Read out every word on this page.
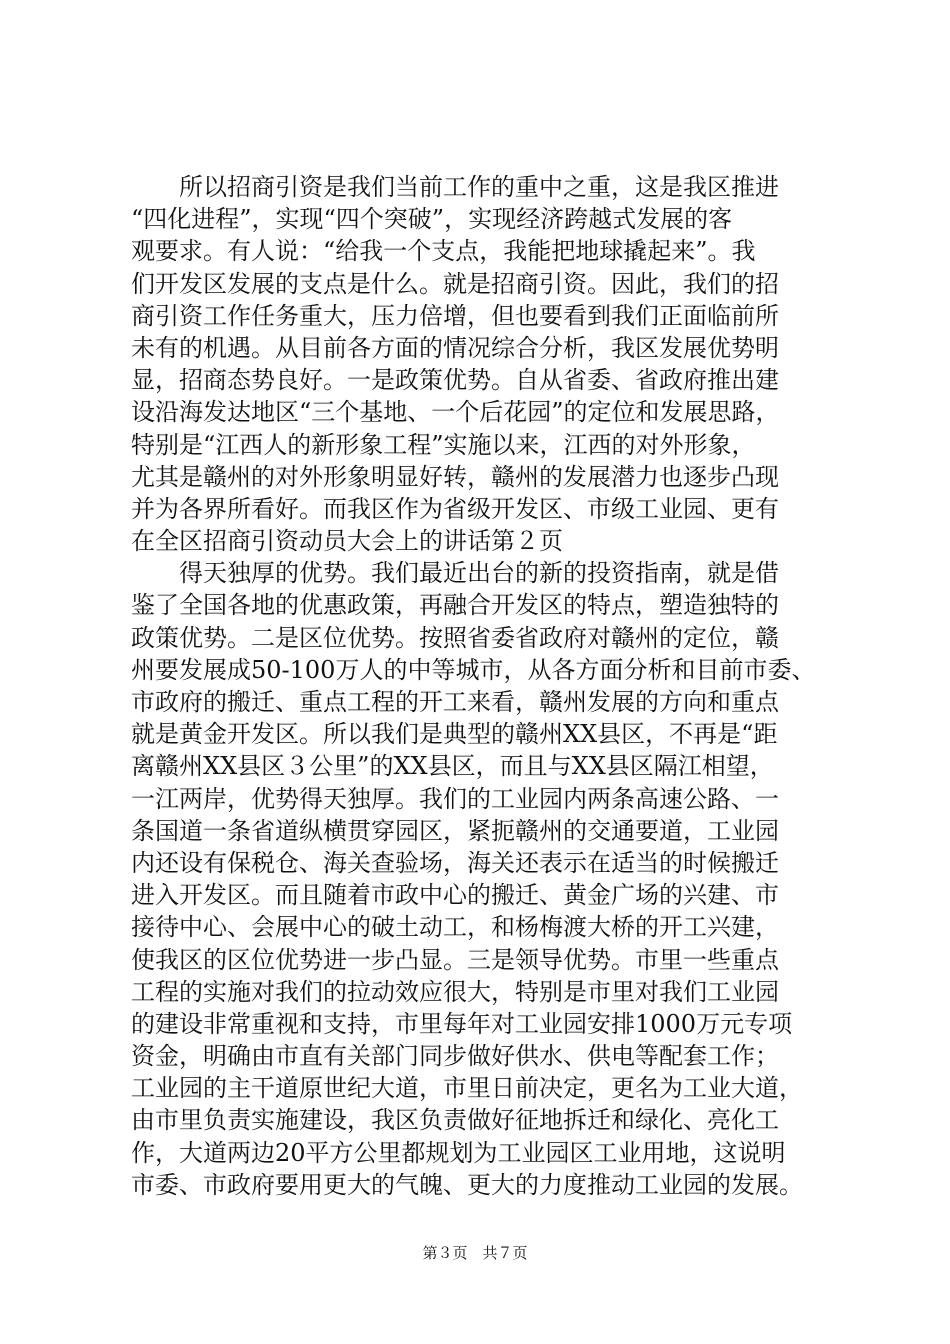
　　所以招商引资是我们当前工作的重中之重，这是我区推进
“四化进程”，实现“四个突破”，实现经济跨越式发展的客
观要求。有人说：“给我一个支点，我能把地球撬起来”。我
们开发区发展的支点是什么。就是招商引资。因此，我们的招
商引资工作任务重大，压力倍增，但也要看到我们正面临前所
未有的机遇。从目前各方面的情况综合分析，我区发展优势明
显，招商态势良好。一是政策优势。自从省委、省政府推出建
设沿海发达地区“三个基地、一个后花园”的定位和发展思路，
特别是“江西人的新形象工程”实施以来，江西的对外形象，
尤其是赣州的对外形象明显好转，赣州的发展潜力也逐步凸现
并为各界所看好。而我区作为省级开发区、市级工业园、更有
在全区招商引资动员大会上的讲话第２页
　　得天独厚的优势。我们最近出台的新的投资指南，就是借
鉴了全国各地的优惠政策，再融合开发区的特点，塑造独特的
政策优势。二是区位优势。按照省委省政府对赣州的定位，赣
州要发展成50-100万人的中等城市，从各方面分析和目前市委、
市政府的搬迁、重点工程的开工来看，赣州发展的方向和重点
就是黄金开发区。所以我们是典型的赣州XX县区，不再是“距
离赣州XX县区３公里”的XX县区，而且与XX县区隔江相望，
一江两岸，优势得天独厚。我们的工业园内两条高速公路、一
条国道一条省道纵横贯穿园区，紧扼赣州的交通要道，工业园
内还设有保税仓、海关查验场，海关还表示在适当的时候搬迁
进入开发区。而且随着市政中心的搬迁、黄金广场的兴建、市
接待中心、会展中心的破土动工，和杨梅渡大桥的开工兴建，
使我区的区位优势进一步凸显。三是领导优势。市里一些重点
工程的实施对我们的拉动效应很大，特别是市里对我们工业园
的建设非常重视和支持，市里每年对工业园安排1000万元专项
资金，明确由市直有关部门同步做好供水、供电等配套工作；
工业园的主干道原世纪大道，市里日前决定，更名为工业大道，
由市里负责实施建设，我区负责做好征地拆迁和绿化、亮化工
作，大道两边20平方公里都规划为工业园区工业用地，这说明
市委、市政府要用更大的气魄、更大的力度推动工业园的发展。
第３页　共７页
